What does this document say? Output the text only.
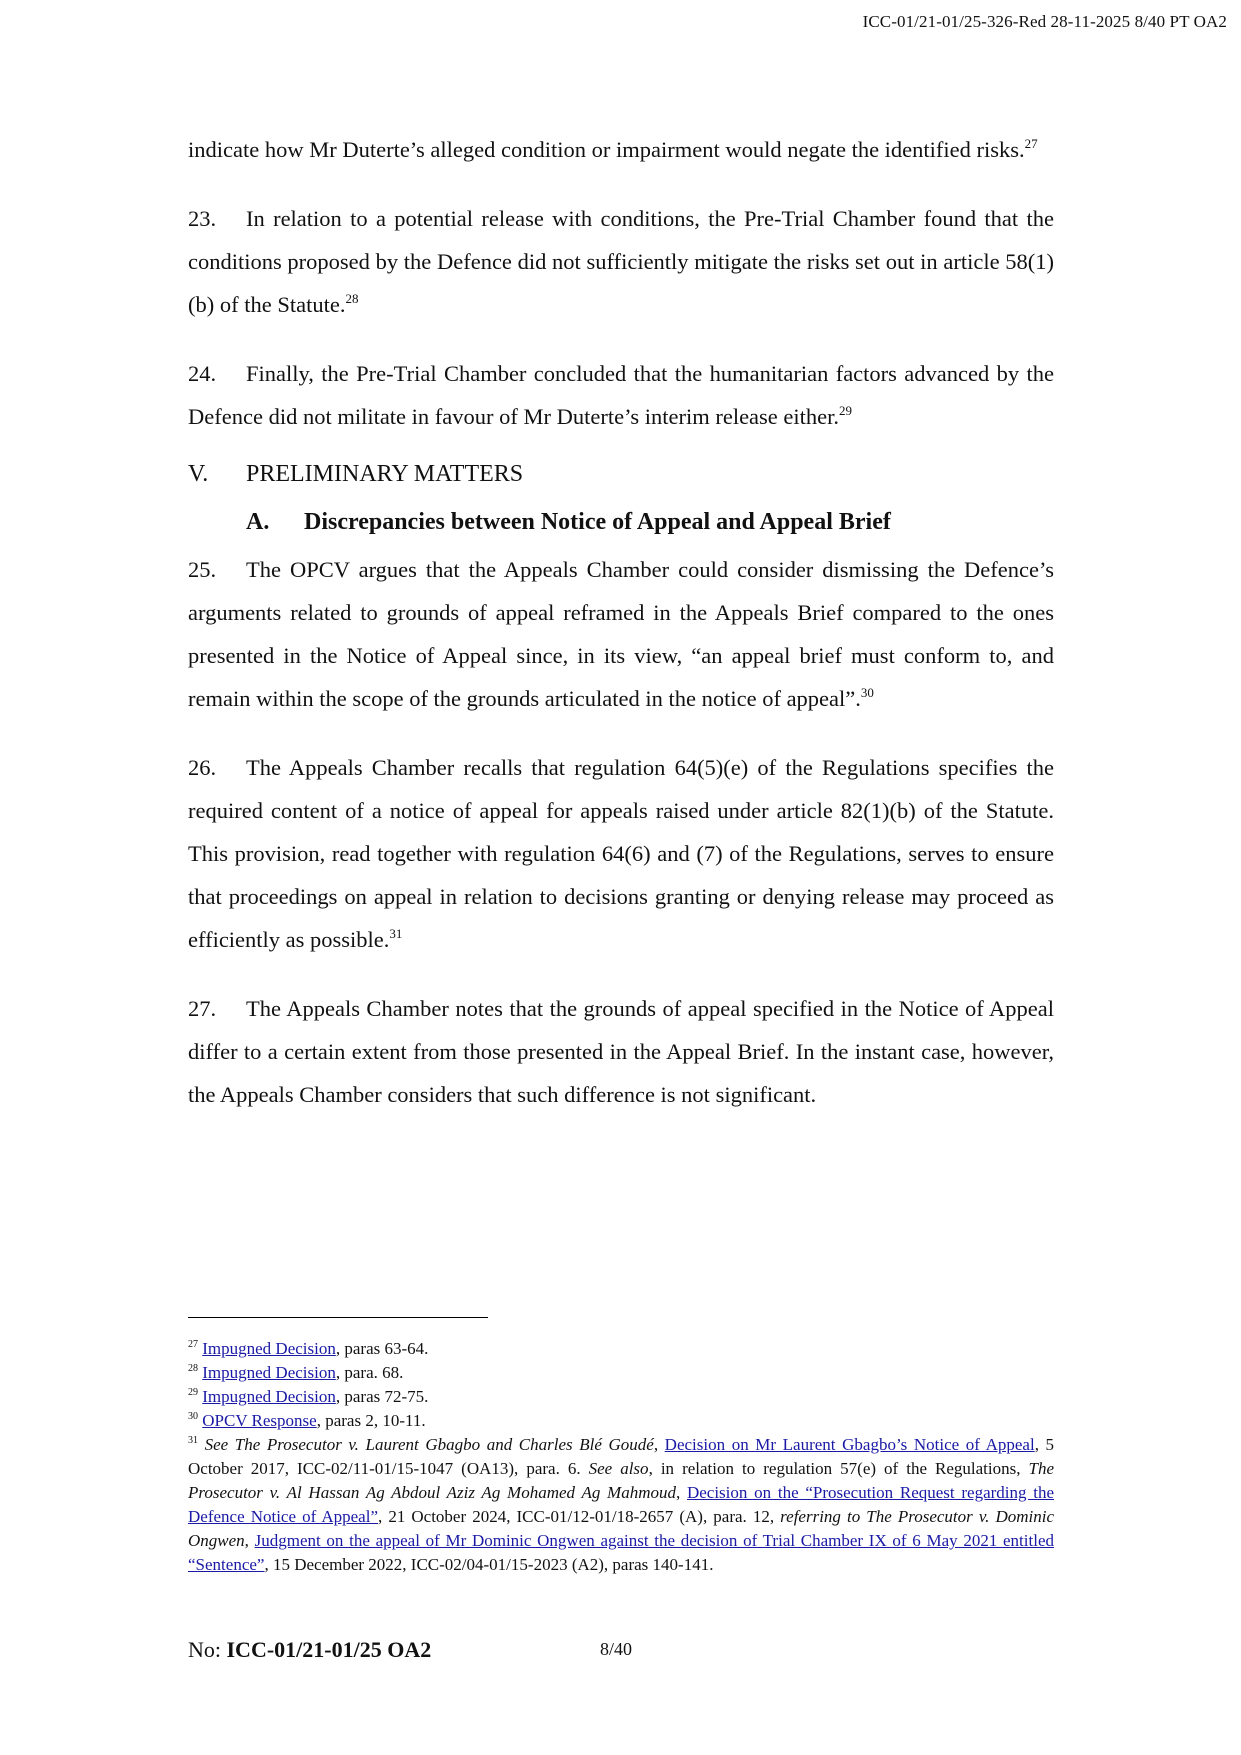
ICC-01/21-01/25-326-Red 28-11-2025 8/40 PT OA2

indicate how Mr Duterte’s alleged condition or impairment would negate the identified risks.$^{27}$

23. In relation to a potential release with conditions, the Pre-Trial Chamber found that the conditions proposed by the Defence did not sufficiently mitigate the risks set out in article 58(1)(b) of the Statute.$^{28}$

24. Finally, the Pre-Trial Chamber concluded that the humanitarian factors advanced by the Defence did not militate in favour of Mr Duterte’s interim release either.$^{29}$

V. PRELIMINARY MATTERS
A. Discrepancies between Notice of Appeal and Appeal Brief

25. The OPCV argues that the Appeals Chamber could consider dismissing the Defence’s arguments related to grounds of appeal reframed in the Appeals Brief compared to the ones presented in the Notice of Appeal since, in its view, “an appeal brief must conform to, and remain within the scope of the grounds articulated in the notice of appeal”.$^{30}$

26. The Appeals Chamber recalls that regulation 64(5)(e) of the Regulations specifies the required content of a notice of appeal for appeals raised under article 82(1)(b) of the Statute. This provision, read together with regulation 64(6) and (7) of the Regulations, serves to ensure that proceedings on appeal in relation to decisions granting or denying release may proceed as efficiently as possible.$^{31}$

27. The Appeals Chamber notes that the grounds of appeal specified in the Notice of Appeal differ to a certain extent from those presented in the Appeal Brief. In the instant case, however, the Appeals Chamber considers that such difference is not significant.

$^{27}$ Impugned Decision, paras 63-64.

$^{28}$ Impugned Decision, para. 68.

$^{29}$ Impugned Decision, paras 72-75.

$^{30}$ OPCV Response, paras 2, 10-11.

$^{31}$ See The Prosecutor v. Laurent Gbagbo and Charles Blé Goudé, Decision on Mr Laurent Gbagbo’s Notice of Appeal, 5 October 2017, ICC-02/11-01/15-1047 (OA13), para. 6. See also, in relation to regulation 57(e) of the Regulations, The Prosecutor v. Al Hassan Ag Abdoul Aziz Ag Mohamed Ag Mahmoud, Decision on the “Prosecution Request regarding the Defence Notice of Appeal”, 21 October 2024, ICC-01/12-01/18-2657 (A), para. 12, referring to The Prosecutor v. Dominic Ongwen, Judgment on the appeal of Mr Dominic Ongwen against the decision of Trial Chamber IX of 6 May 2021 entitled “Sentence”, 15 December 2022, ICC-02/04-01/15-2023 (A2), paras 140-141.

No: ICC-01/21-01/25 OA2	8/40
